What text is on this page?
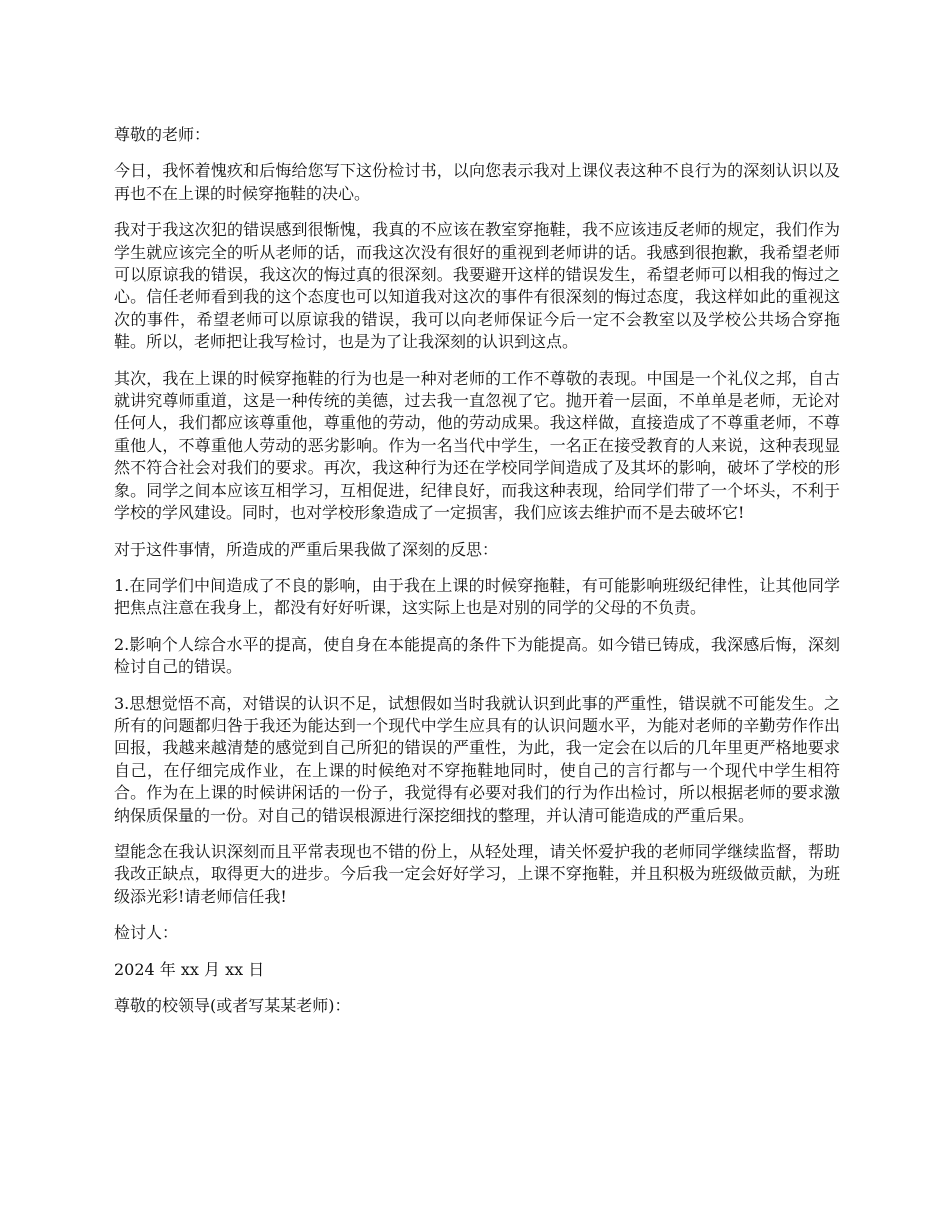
尊敬的老师：

今日，我怀着愧疚和后悔给您写下这份检讨书，以向您表示我对上课仪表这种不良行为的深刻认识以及再也不在上课的时候穿拖鞋的决心。

我对于我这次犯的错误感到很惭愧，我真的不应该在教室穿拖鞋，我不应该违反老师的规定，我们作为学生就应该完全的听从老师的话，而我这次没有很好的重视到老师讲的话。我感到很抱歉，我希望老师可以原谅我的错误，我这次的悔过真的很深刻。我要避开这样的错误发生，希望老师可以相我的悔过之心。信任老师看到我的这个态度也可以知道我对这次的事件有很深刻的悔过态度，我这样如此的重视这次的事件，希望老师可以原谅我的错误，我可以向老师保证今后一定不会教室以及学校公共场合穿拖鞋。所以，老师把让我写检讨，也是为了让我深刻的认识到这点。

其次，我在上课的时候穿拖鞋的行为也是一种对老师的工作不尊敬的表现。中国是一个礼仪之邦，自古就讲究尊师重道，这是一种传统的美德，过去我一直忽视了它。抛开着一层面，不单单是老师，无论对任何人，我们都应该尊重他，尊重他的劳动，他的劳动成果。我这样做，直接造成了不尊重老师，不尊重他人，不尊重他人劳动的恶劣影响。作为一名当代中学生，一名正在接受教育的人来说，这种表现显然不符合社会对我们的要求。再次，我这种行为还在学校同学间造成了及其坏的影响，破坏了学校的形象。同学之间本应该互相学习，互相促进，纪律良好，而我这种表现，给同学们带了一个坏头，不利于学校的学风建设。同时，也对学校形象造成了一定损害，我们应该去维护而不是去破坏它!

对于这件事情，所造成的严重后果我做了深刻的反思：

1.在同学们中间造成了不良的影响，由于我在上课的时候穿拖鞋，有可能影响班级纪律性，让其他同学把焦点注意在我身上，都没有好好听课，这实际上也是对别的同学的父母的不负责。

2.影响个人综合水平的提高，使自身在本能提高的条件下为能提高。如今错已铸成，我深感后悔，深刻检讨自己的错误。

3.思想觉悟不高，对错误的认识不足，试想假如当时我就认识到此事的严重性，错误就不可能发生。之所有的问题都归咎于我还为能达到一个现代中学生应具有的认识问题水平，为能对老师的辛勤劳作作出回报，我越来越清楚的感觉到自己所犯的错误的严重性，为此，我一定会在以后的几年里更严格地要求自己，在仔细完成作业，在上课的时候绝对不穿拖鞋地同时，使自己的言行都与一个现代中学生相符合。作为在上课的时候讲闲话的一份子，我觉得有必要对我们的行为作出检讨，所以根据老师的要求激纳保质保量的一份。对自己的错误根源进行深挖细找的整理，并认清可能造成的严重后果。

望能念在我认识深刻而且平常表现也不错的份上，从轻处理，请关怀爱护我的老师同学继续监督，帮助我改正缺点，取得更大的进步。今后我一定会好好学习，上课不穿拖鞋，并且积极为班级做贡献，为班级添光彩!请老师信任我!

检讨人：

2024 年 xx 月 xx 日

尊敬的校领导(或者写某某老师)：
